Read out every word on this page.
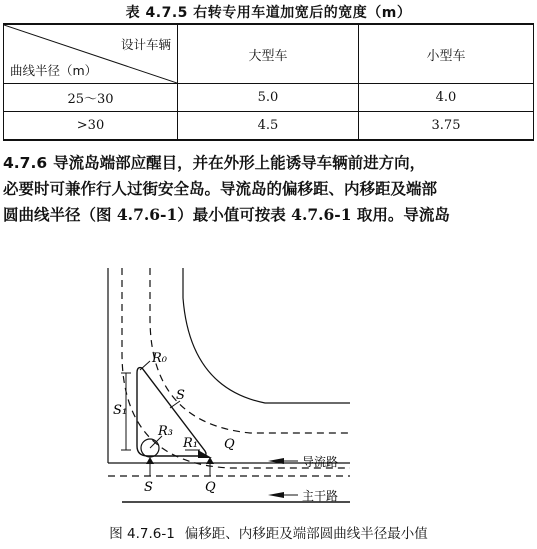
表 4.7.5 右转专用车道加宽后的宽度（m）
设计车辆
曲线半径（m）	大型车	小型车
25～30	5.0	4.0
>30	4.5	3.75
4.7.6 导流岛端部应醒目，并在外形上能诱导车辆前进方向，
必要时可兼作行人过街安全岛。导流岛的偏移距、内移距及端部
圆曲线半径（图 4.7.6-1）最小值可按表 4.7.6-1 取用。导流岛
R₀
S
S₁
R₃
R₁ Q
S	Q
导流路
主干路
图 4.7.6-1 偏移距、内移距及端部圆曲线半径最小值
